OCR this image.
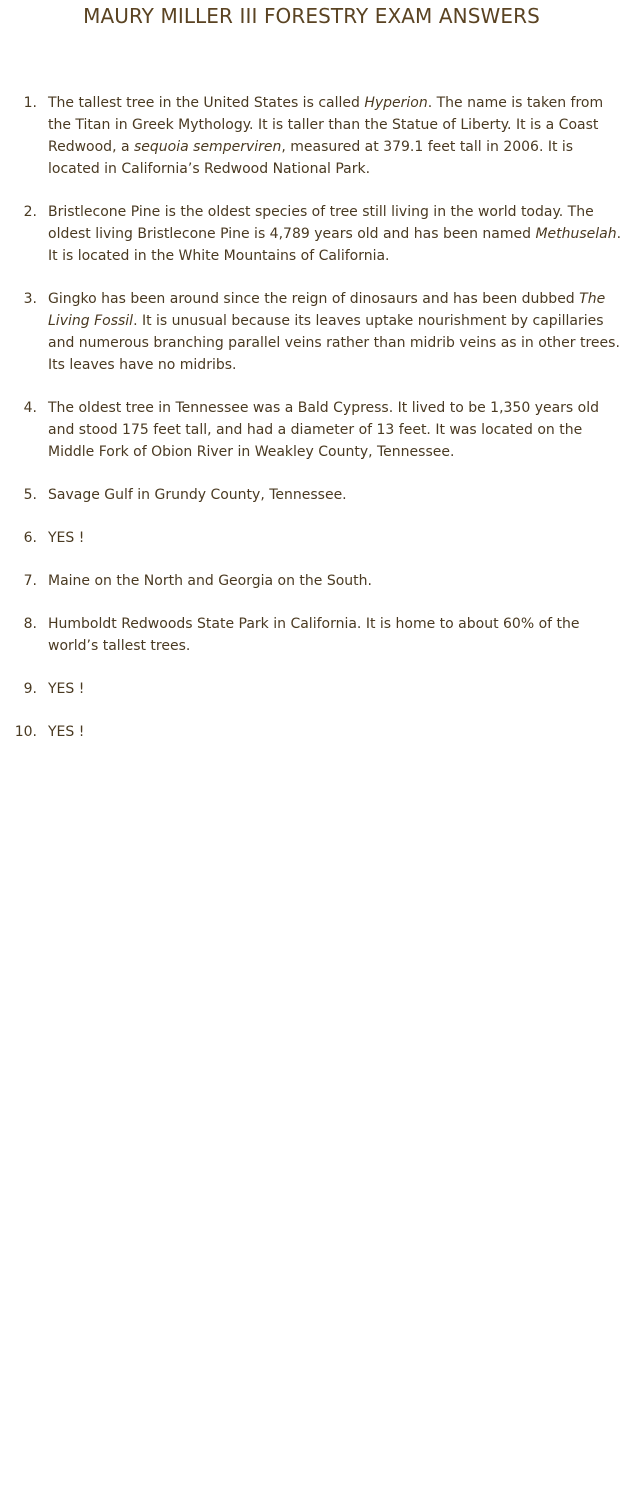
MAURY MILLER III FORESTRY EXAM ANSWERS
1. The tallest tree in the United States is called Hyperion. The name is taken from the Titan in Greek Mythology. It is taller than the Statue of Liberty. It is a Coast Redwood, a sequoia semperviren, measured at 379.1 feet tall in 2006. It is located in California’s Redwood National Park.
2. Bristlecone Pine is the oldest species of tree still living in the world today. The oldest living Bristlecone Pine is 4,789 years old and has been named Methuselah. It is located in the White Mountains of California.
3. Gingko has been around since the reign of dinosaurs and has been dubbed The Living Fossil. It is unusual because its leaves uptake nourishment by capillaries and numerous branching parallel veins rather than midrib veins as in other trees. Its leaves have no midribs.
4. The oldest tree in Tennessee was a Bald Cypress. It lived to be 1,350 years old and stood 175 feet tall, and had a diameter of 13 feet. It was located on the Middle Fork of Obion River in Weakley County, Tennessee.
5. Savage Gulf in Grundy County, Tennessee.
6. YES !
7. Maine on the North and Georgia on the South.
8. Humboldt Redwoods State Park in California. It is home to about 60% of the world’s tallest trees.
9. YES !
10. YES !
